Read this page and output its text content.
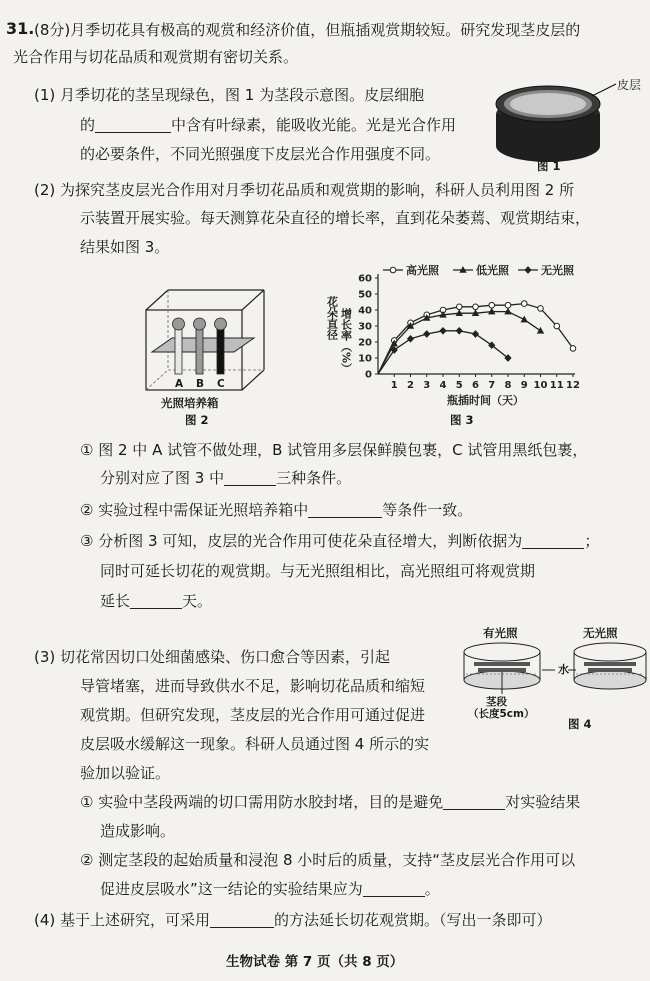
31. (8分)月季切花具有极高的观赏和经济价值，但瓶插观赏期较短。研究发现茎皮层的
光合作用与切花品质和观赏期有密切关系。
(1) 月季切花的茎呈现绿色，图 1 为茎段示意图。皮层细胞
的	中含有叶绿素，能吸收光能。光是光合作用
的必要条件，不同光照强度下皮层光合作用强度不同。
皮层
图 1
(2) 为探究茎皮层光合作用对月季切花品质和观赏期的影响，科研人员利用图 2 所
示装置开展实验。每天测算花朵直径的增长率，直到花朵萎蔫、观赏期结束，
结果如图 3。
A B C
光照培养箱
图 2
0
10
20
30
40
50
60
1 2 3 4 5 6 7 8 9 10 11 12
瓶插时间（天）
花朵直径 增长率（%）
高光照	低光照	无光照
图 3
① 图 2 中 A 试管不做处理，B 试管用多层保鲜膜包裹，C 试管用黑纸包裹，
分别对应了图 3 中	三种条件。
② 实验过程中需保证光照培养箱中	等条件一致。
③ 分析图 3 可知，皮层的光合作用可使花朵直径增大，判断依据为	；
同时可延长切花的观赏期。与无光照组相比，高光照组可将观赏期
延长	天。
(3) 切花常因切口处细菌感染、伤口愈合等因素，引起
导管堵塞，进而导致供水不足，影响切花品质和缩短
观赏期。但研究发现，茎皮层的光合作用可通过促进
皮层吸水缓解这一现象。科研人员通过图 4 所示的实
验加以验证。
有光照	无光照
水
茎段
（长度5cm）
图 4
① 实验中茎段两端的切口需用防水胶封堵，目的是避免	对实验结果
造成影响。
② 测定茎段的起始质量和浸泡 8 小时后的质量，支持“茎皮层光合作用可以
促进皮层吸水”这一结论的实验结果应为	。
(4) 基于上述研究，可采用	的方法延长切花观赏期。（写出一条即可）
生物试卷 第 7 页（共 8 页）
